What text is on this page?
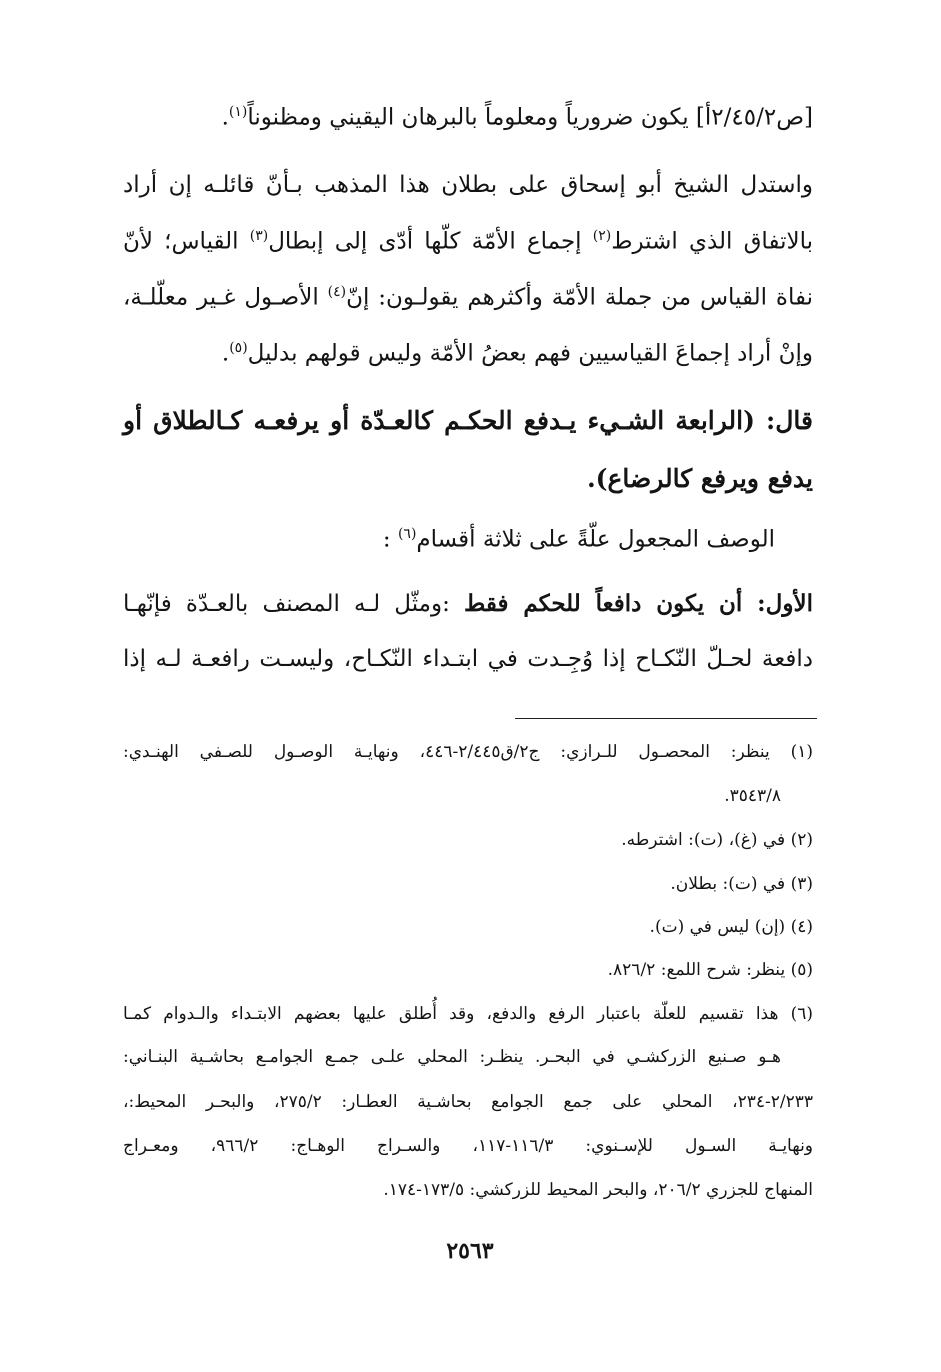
[ص٢/٤٥/٢أ] يكون ضرورياً ومعلوماً بالبرهان اليقيني ومظنوناً$^{(١)}$.
واستدل الشيخ أبو إسحاق على بطلان هذا المذهب بـأنّ قائلـه إن أراد
بالاتفاق الذي اشترط$^{(٢)}$ إجماع الأمّة كلّها أدّى إلى إبطال$^{(٣)}$ القياس؛ لأنّ
نفاة القياس من جملة الأمّة وأكثرهم يقولـون: إنّ$^{(٤)}$ الأصـول غـير معلّلـة،
وإنْ أراد إجماعَ القياسيين فهم بعضُ الأمّة وليس قولهم بدليل$^{(٥)}$.
قال: (الرابعة الشـيء يـدفع الحكـم كالعـدّة أو يرفعـه كـالطلاق أو
يدفع ويرفع كالرضاع).
الوصف المجعول علّةً على ثلاثة أقسام$^{(٦)}$ :
الأول: أن يكون دافعاً للحكم فقط :ومثّل لـه المصنف بالعـدّة فإنّهـا
دافعة لحـلّ النّكـاح إذا وُجِـدت في ابتـداء النّكـاح، وليسـت رافعـة لـه إذا
(١) ينظر: المحصـول للـرازي: ج٢/ق٢/٤٤٥-٤٤٦، ونهايـة الوصـول للصـفي الهنـدي:
٣٥٤٣/٨.
(٢) في (غ)، (ت): اشترطه.
(٣) في (ت): بطلان.
(٤) (إن) ليس في (ت).
(٥) ينظر: شرح اللمع: ٨٢٦/٢.
(٦) هذا تقسيم للعلّة باعتبار الرفع والدفع، وقد أُطلق عليها بعضهم الابتـداء والـدوام كمـا
هـو صـنيع الزركشـي في البحـر. ينظـر: المحلي علـى جمـع الجوامـع بحاشـية البنـاني:
٢/٢٣٣-٢٣٤، المحلي على جمع الجوامع بحاشـية العطـار: ٢٧٥/٢، والبحـر المحيط:،
ونهايـة السـول للإسـنوي: ١١٦/٣-١١٧، والسـراج الوهـاج: ٩٦٦/٢، ومعـراج
المنهاج للجزري ٢٠٦/٢، والبحر المحيط للزركشي: ١٧٣/٥-١٧٤.
٢٥٦٣
